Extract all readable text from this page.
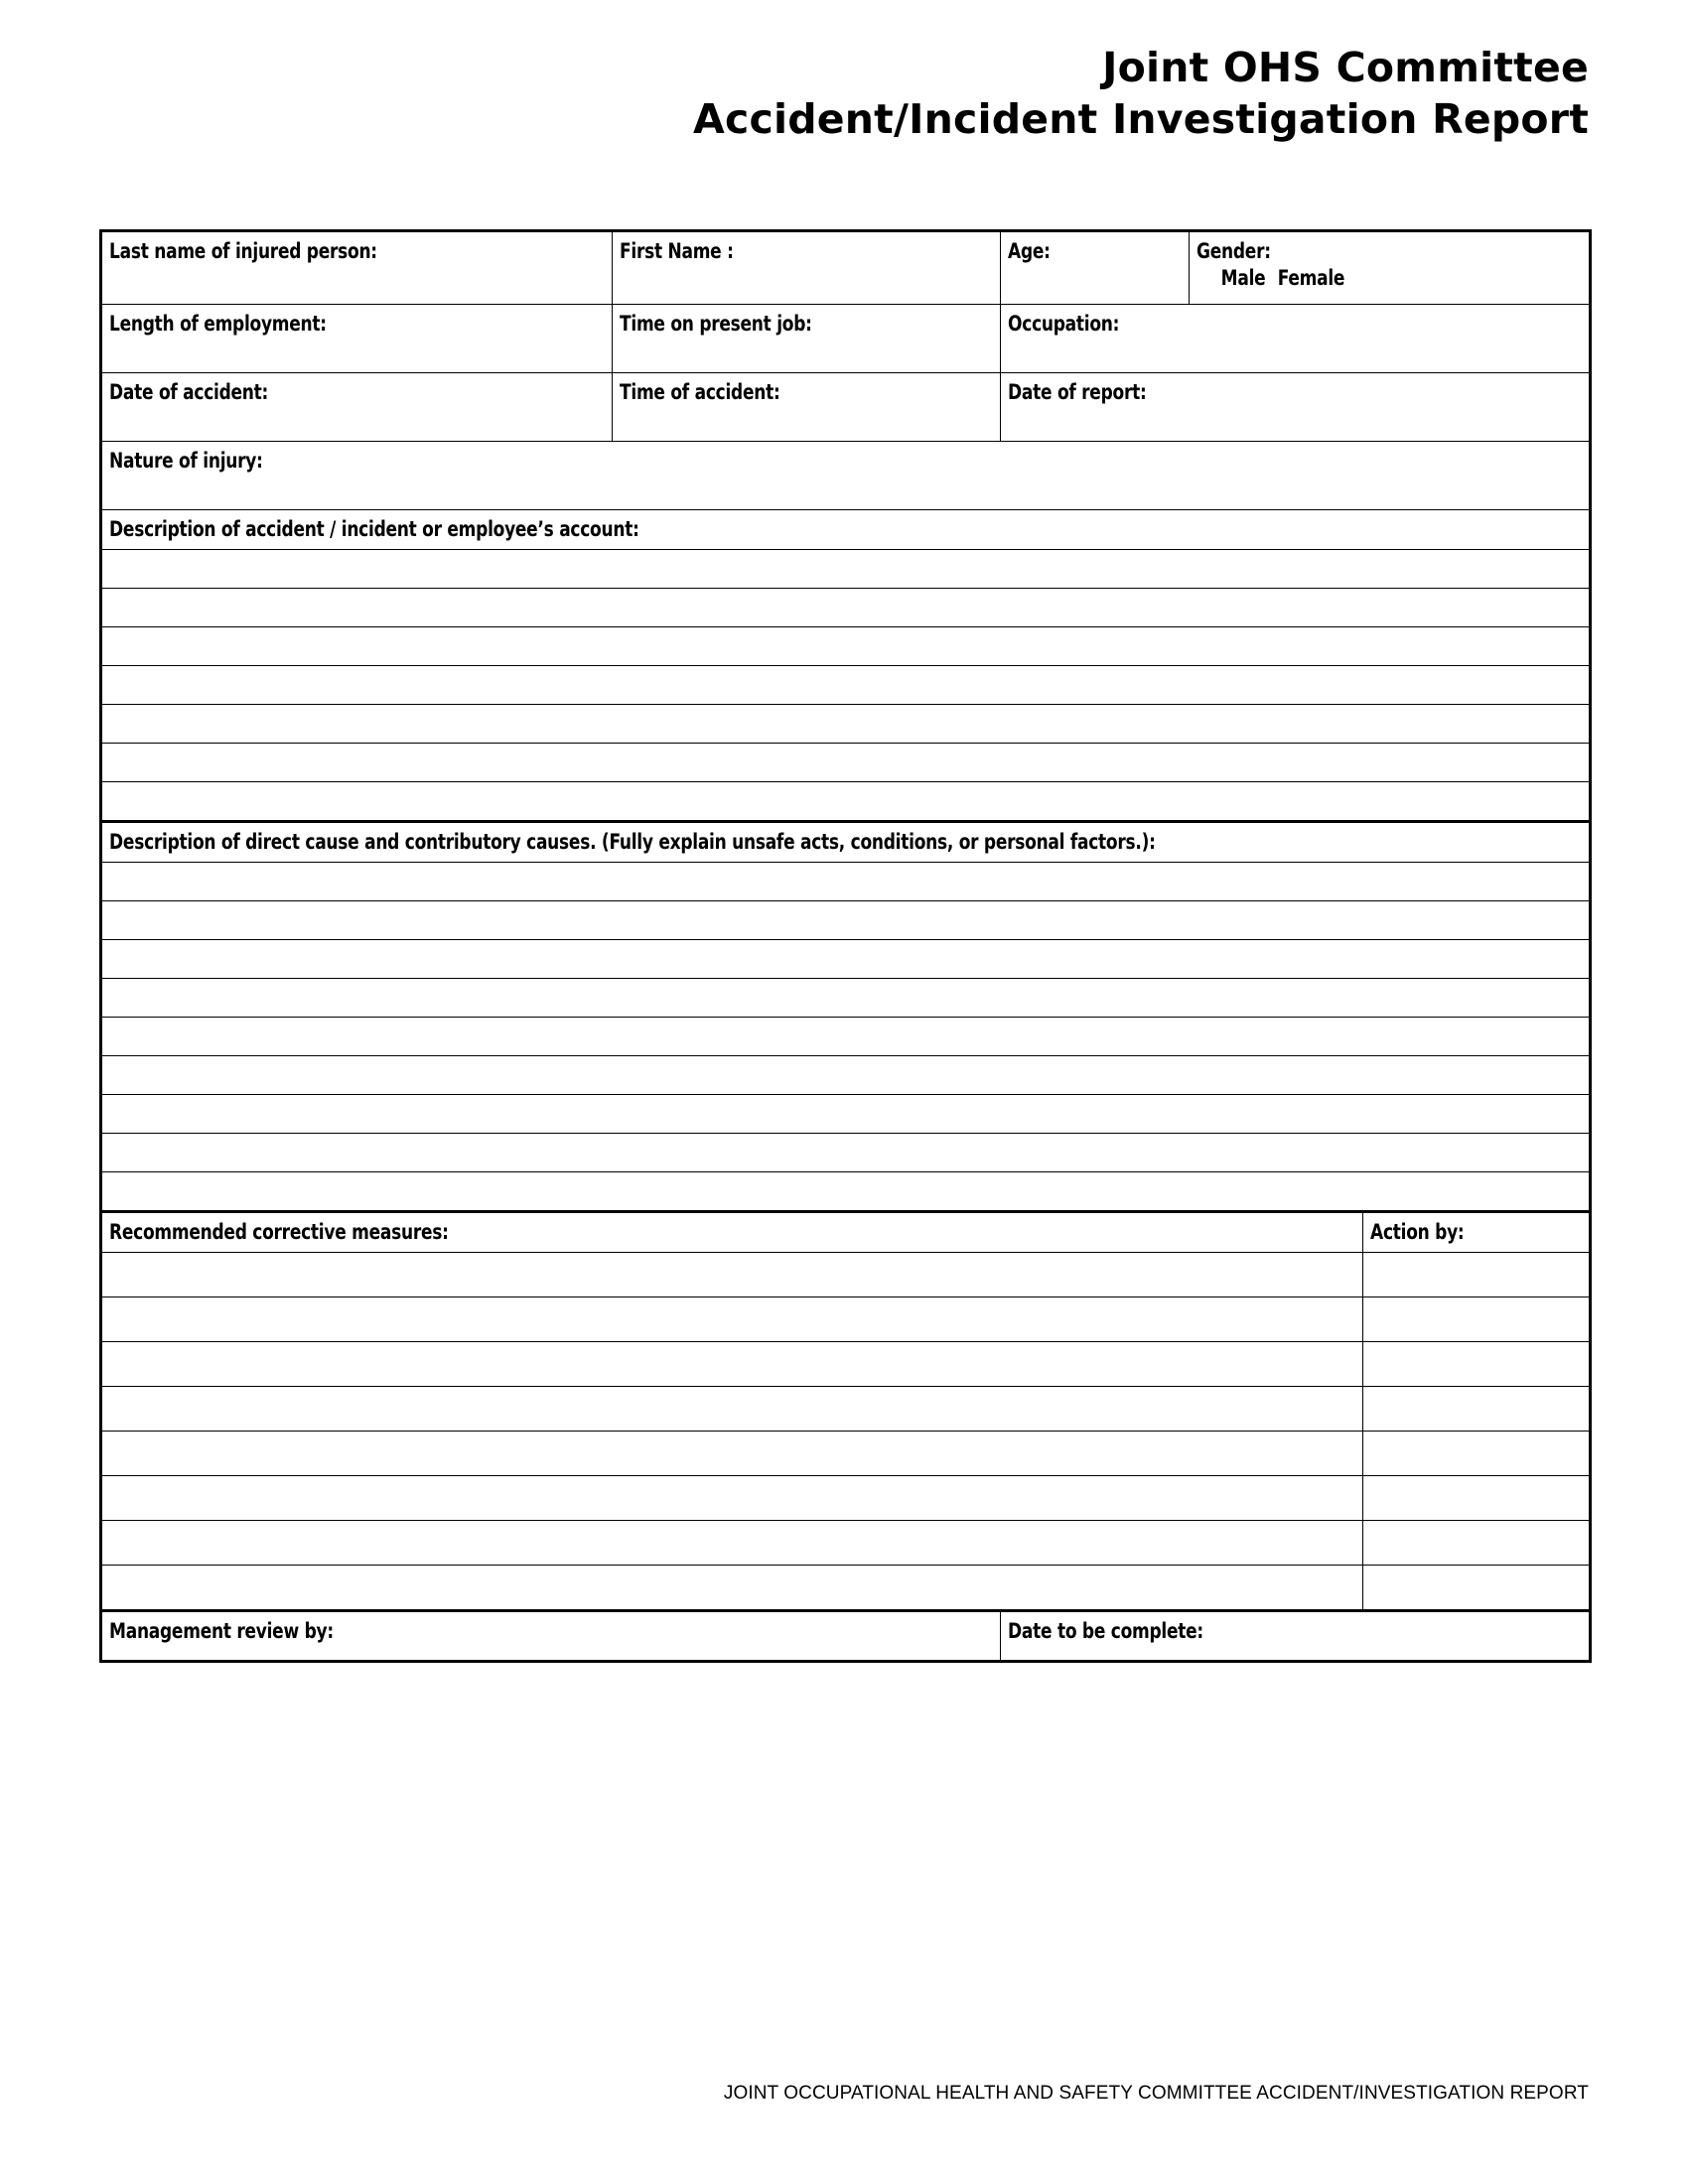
Joint OHS Committee
Accident/Incident Investigation Report
Last name of injured person:	First Name :	Age:	Gender:
Male Female	

Length of employment:	Time on present job:	Occupation:		

Date of accident:	Time of accident:	Date of report:		

Nature of injury:				

Description of accident / incident or employee’s account:				

Description of direct cause and contributory causes. (Fully explain unsafe acts, conditions, or personal factors.):				

Recommended corrective measures:				Action by:

Management review by:		Date to be complete:		
JOINT OCCUPATIONAL HEALTH AND SAFETY COMMITTEE ACCIDENT/INVESTIGATION REPORT
